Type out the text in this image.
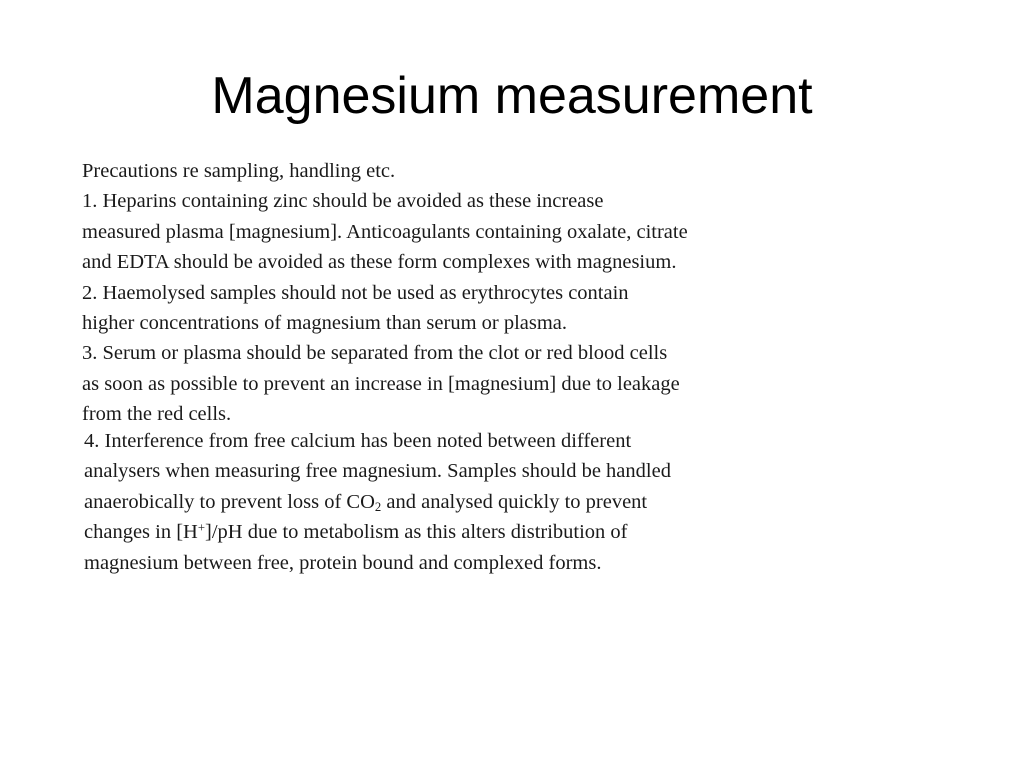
Magnesium measurement
Precautions re sampling, handling etc.
1. Heparins containing zinc should be avoided as these increase
measured plasma [magnesium]. Anticoagulants containing oxalate, citrate
and EDTA should be avoided as these form complexes with magnesium.
2. Haemolysed samples should not be used as erythrocytes contain
higher concentrations of magnesium than serum or plasma.
3. Serum or plasma should be separated from the clot or red blood cells
as soon as possible to prevent an increase in [magnesium] due to leakage
from the red cells.
4. Interference from free calcium has been noted between different
analysers when measuring free magnesium. Samples should be handled
anaerobically to prevent loss of $CO_2$ and analysed quickly to prevent
changes in [H+]/pH due to metabolism as this alters distribution of
magnesium between free, protein bound and complexed forms.
